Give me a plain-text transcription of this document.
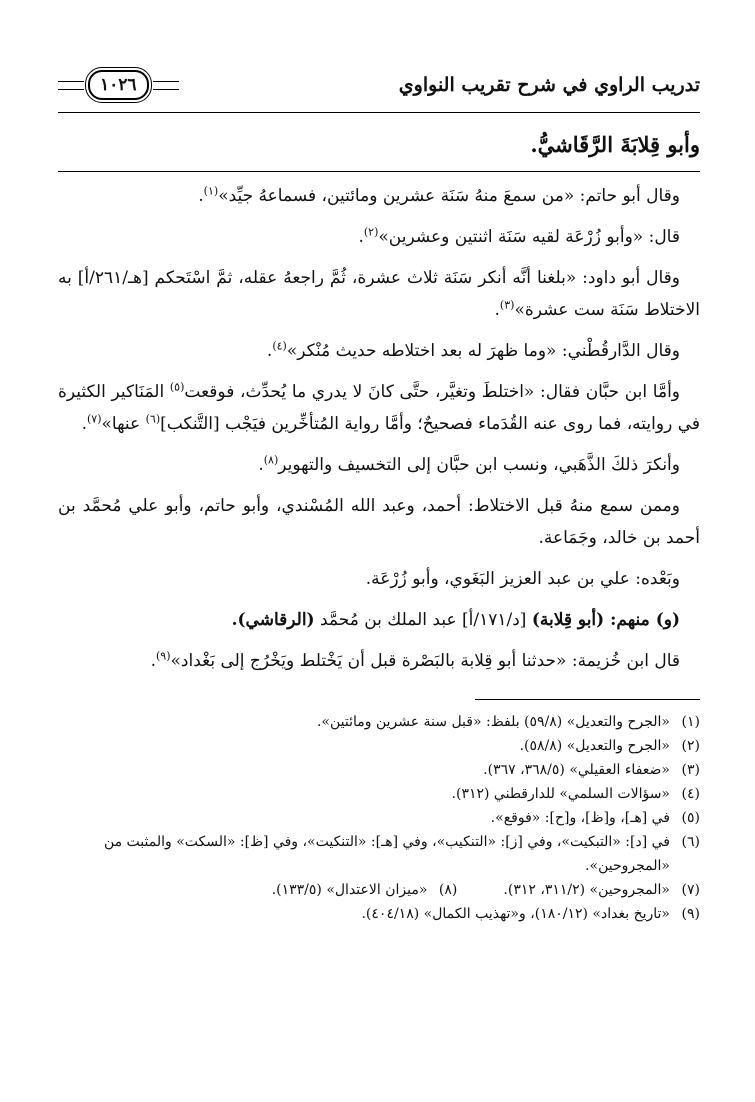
تدريب الراوي في شرح تقريب النواوي
١٠٢٦
وأبو قِلابَةَ الرَّقَاشيُّ.

وقال أبو حاتم: «من سمعَ منهُ سَنَة عشرين ومائتين، فسماعهُ جيِّد»$^{(١)}$.

قال: «وأبو زُرْعَة لقيه سَنَة اثنتين وعشرين»$^{(٢)}$.

وقال أبو داود: «بلغنا أنَّه أنكر سَنَة ثلاث عشرة، ثُمَّ راجعهُ عقله، ثمَّ اسْتَحكم [هـ/٢٦١/أ] به الاختلاط سَنَة ست عشرة»$^{(٣)}$.

وقال الدَّارقُطْني: «وما ظهرَ له بعد اختلاطه حديث مُنْكر»$^{(٤)}$.

وأمَّا ابن حبَّان فقال: «اختلطَ وتغيَّر، حتَّى كانَ لا يدري ما يُحدِّث، فوقعت$^{(٥)}$ المَنَاكير الكثيرة في روايته، فما روى عنه القُدَماء فصحيحٌ؛ وأمَّا رواية المُتأخِّرين فيَجْب [التَّنكب]$^{(٦)}$ عنها»$^{(٧)}$.

وأنكرَ ذلكَ الذَّهَبي، ونسب ابن حبَّان إلى التخسيف والتهوير$^{(٨)}$.

وممن سمع منهُ قبل الاختلاط: أحمد، وعبد الله المُسْندي، وأبو حاتم، وأبو علي مُحمَّد بن أحمد بن خالد، وجَمَاعة.

وبَعْده: علي بن عبد العزيز البَغَوي، وأبو زُرْعَة.

(و) منهم: (أبو قِلابة) [د/١٧١/أ] عبد الملك بن مُحمَّد (الرقاشي).

قال ابن خُزيمة: «حدثنا أبو قِلابة بالبَصْرة قبل أن يَخْتلط ويَخْرُج إلى بَغْداد»$^{(٩)}$.

(١)
«الجرح والتعديل» (٥٩/٨) بلفظ: «قبل سنة عشرين ومائتين».
(٢)
«الجرح والتعديل» (٥٨/٨).
(٣)
«ضعفاء العقيلي» (٣٦٨/٥، ٣٦٧).
(٤)
«سؤالات السلمي» للدارقطني (٣١٢).
(٥)
في [هـ]، و[ظ]، و[ح]: «فوقع».
(٦)
في [د]: «التبكيت»، وفي [ز]: «التنكيب»، وفي [هـ]: «التنكيت»، وفي [ظ]: «السكت» والمثبت من «المجروحين».
(٧)
«المجروحين» (٣١١/٢، ٣١٢).
(٨)
«ميزان الاعتدال» (١٣٣/٥).
(٩)
«تاريخ بغداد» (١٨٠/١٢)، و«تهذيب الكمال» (٤٠٤/١٨).
